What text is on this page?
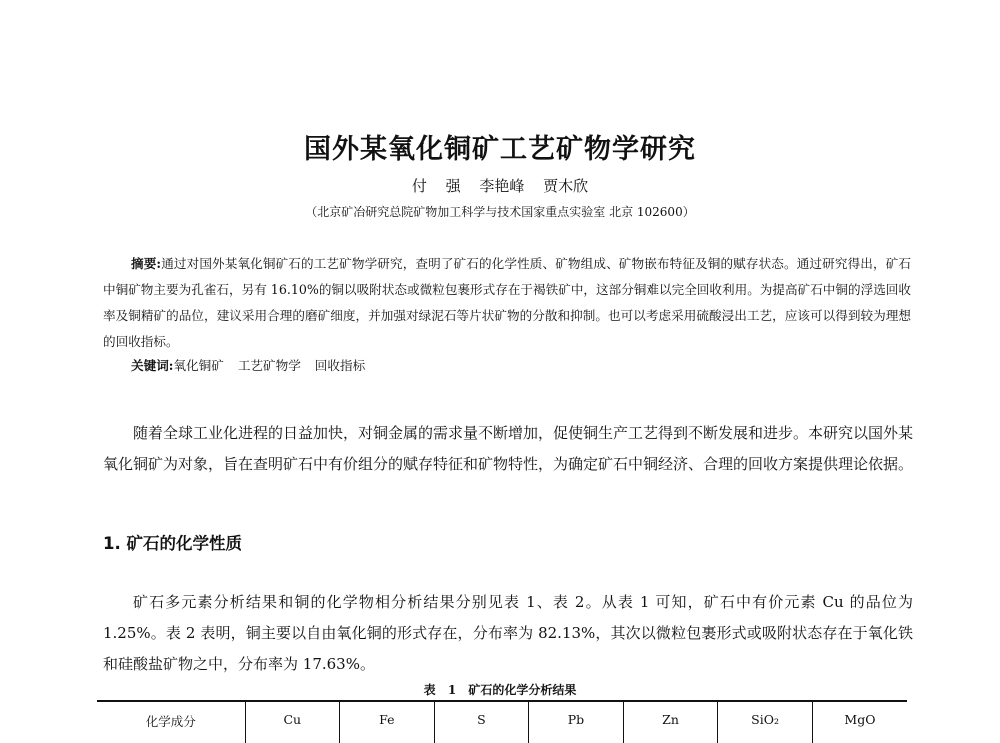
国外某氧化铜矿工艺矿物学研究
付 强 李艳峰 贾木欣
（北京矿冶研究总院矿物加工科学与技术国家重点实验室 北京 102600）

摘要:通过对国外某氧化铜矿石的工艺矿物学研究，查明了矿石的化学性质、矿物组成、矿物嵌布特征及铜的赋存状态。通过研究得出，矿石中铜矿物主要为孔雀石，另有 16.10%的铜以吸附状态或微粒包裹形式存在于褐铁矿中，这部分铜难以完全回收利用。为提高矿石中铜的浮选回收率及铜精矿的品位，建议采用合理的磨矿细度，并加强对绿泥石等片状矿物的分散和抑制。也可以考虑采用硫酸浸出工艺，应该可以得到较为理想的回收指标。

关键词:氧化铜矿 工艺矿物学 回收指标

随着全球工业化进程的日益加快，对铜金属的需求量不断增加，促使铜生产工艺得到不断发展和进步。本研究以国外某氧化铜矿为对象，旨在查明矿石中有价组分的赋存特征和矿物特性，为确定矿石中铜经济、合理的回收方案提供理论依据。

1. 矿石的化学性质

矿石多元素分析结果和铜的化学物相分析结果分别见表 1、表 2。从表 1 可知，矿石中有价元素 Cu 的品位为 1.25%。表 2 表明，铜主要以自由氧化铜的形式存在，分布率为 82.13%，其次以微粒包裹形式或吸附状态存在于氧化铁和硅酸盐矿物之中，分布率为 17.63%。

表 1 矿石的化学分析结果
化学成分	Cu	Fe	S	Pb	Zn	SiO₂	MgO
